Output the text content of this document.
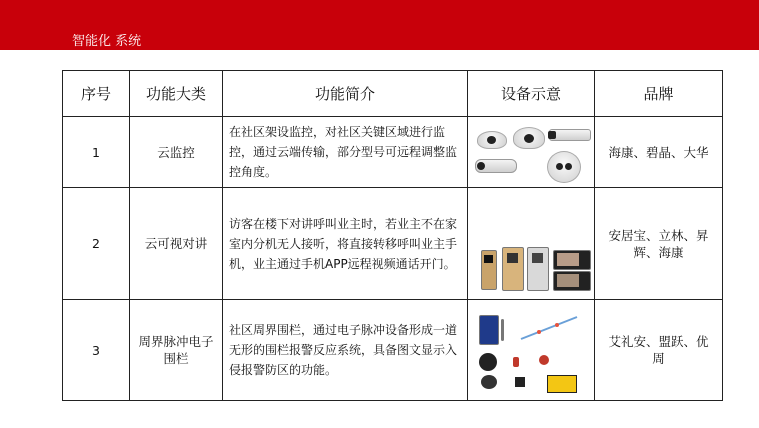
智能化 系统
序号	功能大类	功能简介	设备示意	品牌
1	云监控	在社区架设监控，对社区关键区域进行监控，通过云端传输，部分型号可远程调整监控角度。		海康、碧晶、大华
2	云可视对讲	访客在楼下对讲呼叫业主时，若业主不在家室内分机无人接听，将直接转移呼叫业主手机，业主通过手机APP远程视频通话开门。		安居宝、立林、昇辉、海康
3	周界脉冲电子围栏	社区周界围栏，通过电子脉冲设备形成一道无形的围栏报警反应系统，具备图文显示入侵报警防区的功能。		艾礼安、盟跃、优周
